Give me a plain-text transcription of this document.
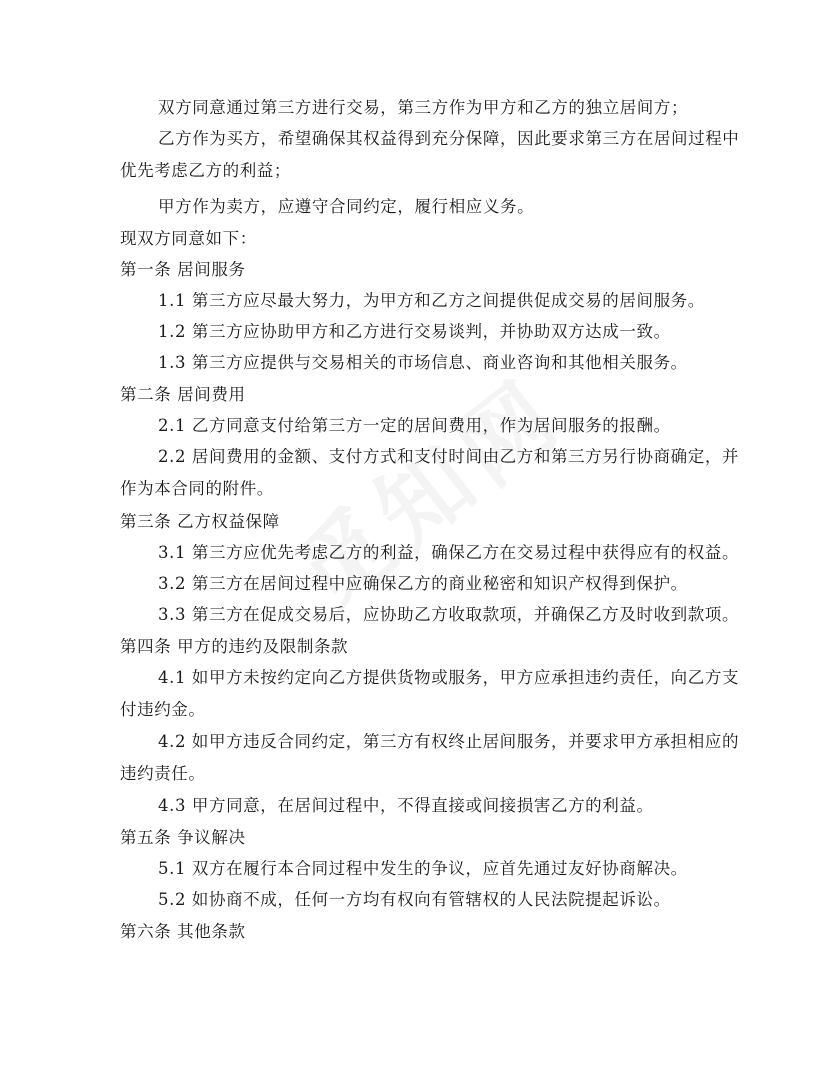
双方同意通过第三方进行交易，第三方作为甲方和乙方的独立居间方；
乙方作为买方，希望确保其权益得到充分保障，因此要求第三方在居间过程中
优先考虑乙方的利益；
甲方作为卖方，应遵守合同约定，履行相应义务。
现双方同意如下：
第一条 居间服务
1.1 第三方应尽最大努力，为甲方和乙方之间提供促成交易的居间服务。
1.2 第三方应协助甲方和乙方进行交易谈判，并协助双方达成一致。
1.3 第三方应提供与交易相关的市场信息、商业咨询和其他相关服务。
第二条 居间费用
2.1 乙方同意支付给第三方一定的居间费用，作为居间服务的报酬。
2.2 居间费用的金额、支付方式和支付时间由乙方和第三方另行协商确定，并
作为本合同的附件。
第三条 乙方权益保障
3.1 第三方应优先考虑乙方的利益，确保乙方在交易过程中获得应有的权益。
3.2 第三方在居间过程中应确保乙方的商业秘密和知识产权得到保护。
3.3 第三方在促成交易后，应协助乙方收取款项，并确保乙方及时收到款项。
第四条 甲方的违约及限制条款
4.1 如甲方未按约定向乙方提供货物或服务，甲方应承担违约责任，向乙方支
付违约金。
4.2 如甲方违反合同约定，第三方有权终止居间服务，并要求甲方承担相应的
违约责任。
4.3 甲方同意，在居间过程中，不得直接或间接损害乙方的利益。
第五条 争议解决
5.1 双方在履行本合同过程中发生的争议，应首先通过友好协商解决。
5.2 如协商不成，任何一方均有权向有管辖权的人民法院提起诉讼。
第六条 其他条款
